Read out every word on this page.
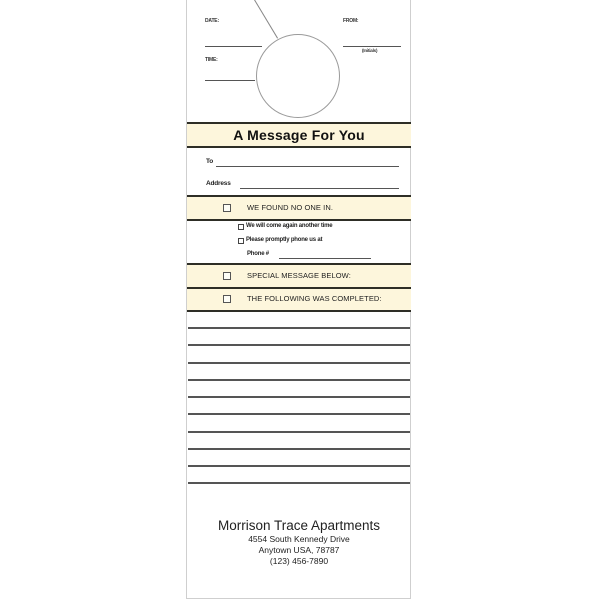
DATE:
TIME:
FROM:
(Initials)
A Message For You
To
Address
WE FOUND NO ONE IN.
We will come again another time
Please promptly phone us at
Phone #
SPECIAL MESSAGE BELOW:
THE FOLLOWING WAS COMPLETED:
Morrison Trace Apartments
4554 South Kennedy Drive
Anytown USA, 78787
(123) 456-7890
